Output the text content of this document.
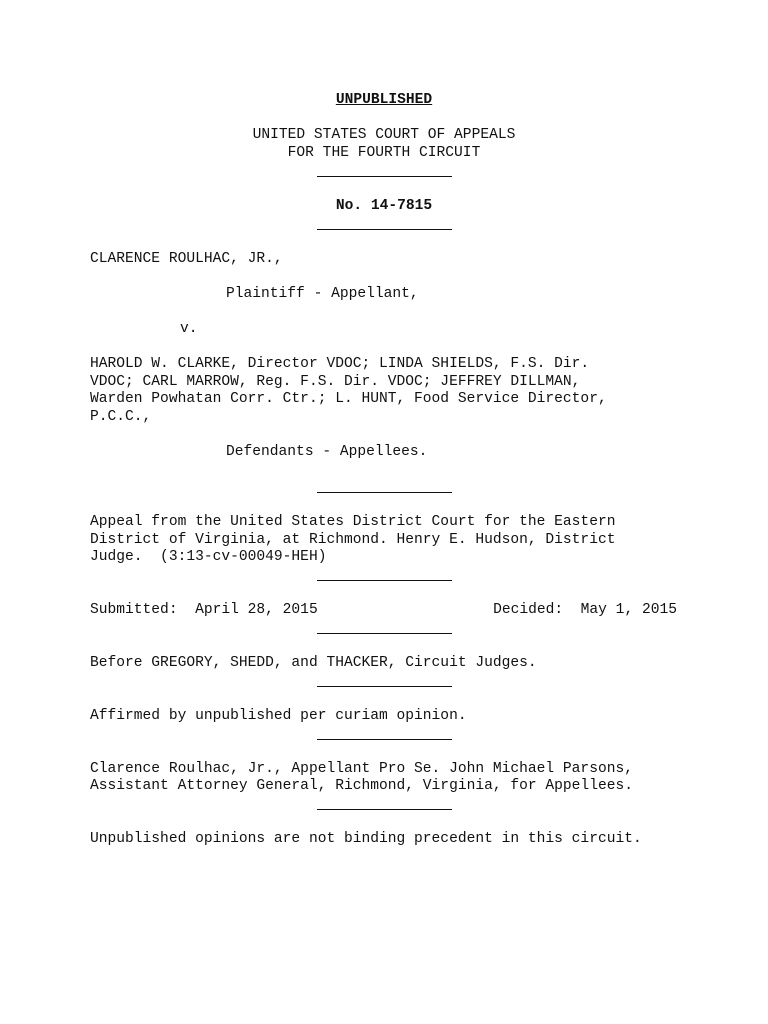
UNPUBLISHED
UNITED STATES COURT OF APPEALS
FOR THE FOURTH CIRCUIT
No. 14-7815
CLARENCE ROULHAC, JR.,
Plaintiff - Appellant,
v.
HAROLD W. CLARKE, Director VDOC; LINDA SHIELDS, F.S. Dir.
VDOC; CARL MARROW, Reg. F.S. Dir. VDOC; JEFFREY DILLMAN,
Warden Powhatan Corr. Ctr.; L. HUNT, Food Service Director,
P.C.C.,
Defendants - Appellees.
Appeal from the United States District Court for the Eastern
District of Virginia, at Richmond. Henry E. Hudson, District
Judge.  (3:13-cv-00049-HEH)
Submitted:  April 28, 2015	Decided:  May 1, 2015
Before GREGORY, SHEDD, and THACKER, Circuit Judges.
Affirmed by unpublished per curiam opinion.
Clarence Roulhac, Jr., Appellant Pro Se. John Michael Parsons,
Assistant Attorney General, Richmond, Virginia, for Appellees.
Unpublished opinions are not binding precedent in this circuit.
